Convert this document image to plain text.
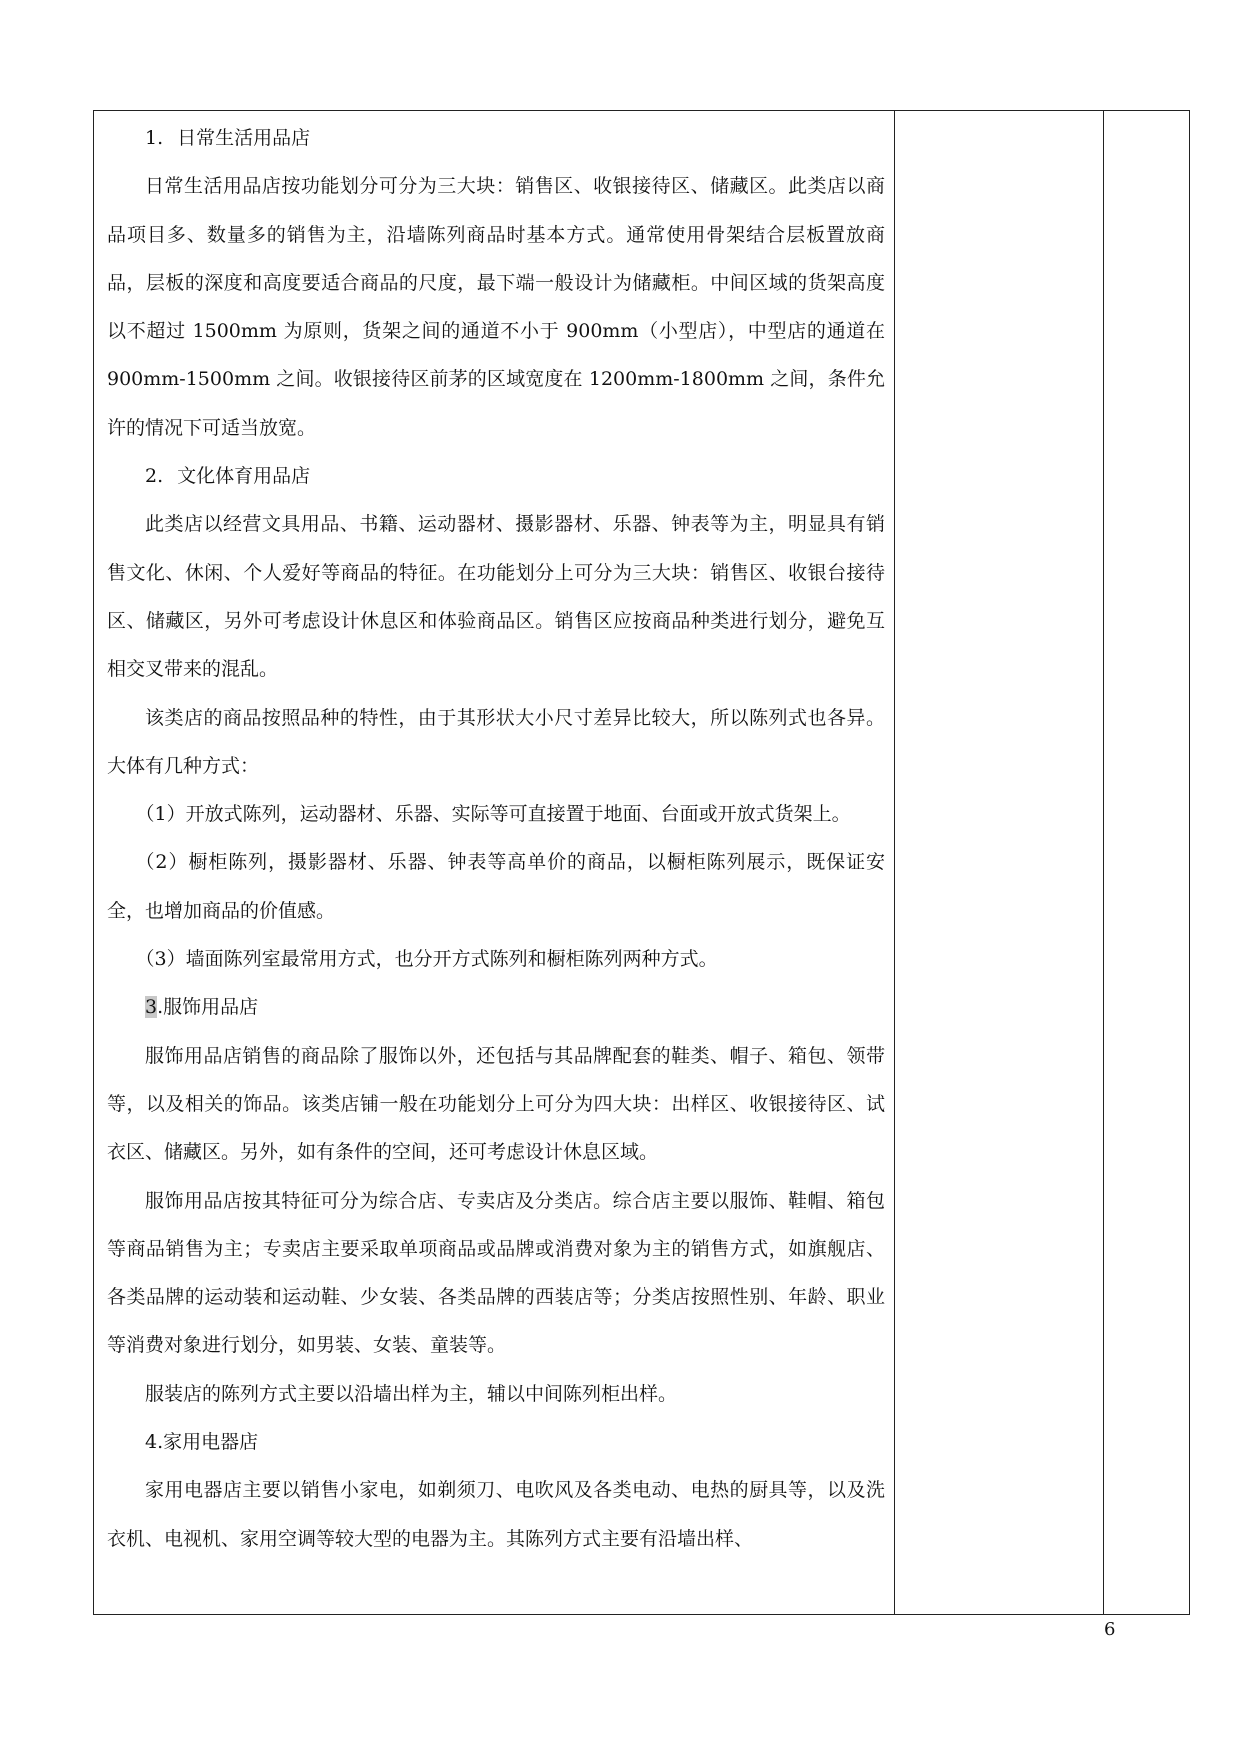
1. 日常生活用品店

日常生活用品店按功能划分可分为三大块：销售区、收银接待区、储藏区。此类店以商品项目多、数量多的销售为主，沿墙陈列商品时基本方式。通常使用骨架结合层板置放商品，层板的深度和高度要适合商品的尺度，最下端一般设计为储藏柜。中间区域的货架高度以不超过 1500mm 为原则，货架之间的通道不小于 900mm（小型店），中型店的通道在 900mm-1500mm 之间。收银接待区前茅的区域宽度在 1200mm-1800mm 之间，条件允许的情况下可适当放宽。

2. 文化体育用品店

此类店以经营文具用品、书籍、运动器材、摄影器材、乐器、钟表等为主，明显具有销售文化、休闲、个人爱好等商品的特征。在功能划分上可分为三大块：销售区、收银台接待区、储藏区，另外可考虑设计休息区和体验商品区。销售区应按商品种类进行划分，避免互相交叉带来的混乱。

该类店的商品按照品种的特性，由于其形状大小尺寸差异比较大，所以陈列式也各异。大体有几种方式：

（1）开放式陈列，运动器材、乐器、实际等可直接置于地面、台面或开放式货架上。

（2）橱柜陈列，摄影器材、乐器、钟表等高单价的商品，以橱柜陈列展示，既保证安全，也增加商品的价值感。

（3）墙面陈列室最常用方式，也分开方式陈列和橱柜陈列两种方式。

3.服饰用品店

服饰用品店销售的商品除了服饰以外，还包括与其品牌配套的鞋类、帽子、箱包、领带等，以及相关的饰品。该类店铺一般在功能划分上可分为四大块：出样区、收银接待区、试衣区、储藏区。另外，如有条件的空间，还可考虑设计休息区域。

服饰用品店按其特征可分为综合店、专卖店及分类店。综合店主要以服饰、鞋帽、箱包等商品销售为主；专卖店主要采取单项商品或品牌或消费对象为主的销售方式，如旗舰店、各类品牌的运动装和运动鞋、少女装、各类品牌的西装店等；分类店按照性别、年龄、职业等消费对象进行划分，如男装、女装、童装等。

服装店的陈列方式主要以沿墙出样为主，辅以中间陈列柜出样。

4.家用电器店

家用电器店主要以销售小家电，如剃须刀、电吹风及各类电动、电热的厨具等，以及洗衣机、电视机、家用空调等较大型的电器为主。其陈列方式主要有沿墙出样、

6
